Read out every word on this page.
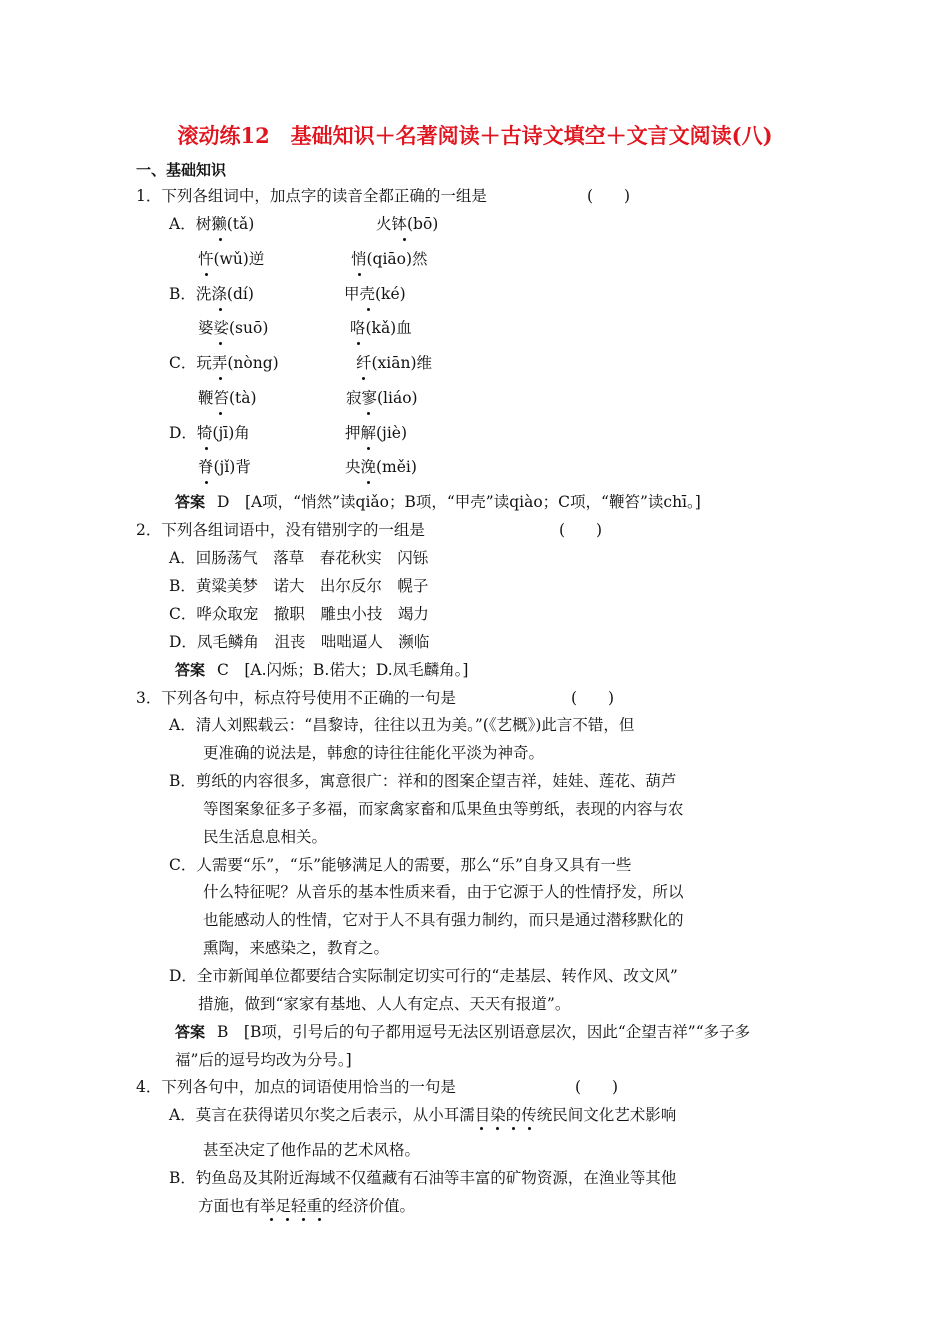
滚动练12　基础知识＋名著阅读＋古诗文填空＋文言文阅读(八)
一、基础知识
1．下列各组词中，加点字的读音全都正确的一组是	(　　)
A．树獭(tǎ)	火钵(bō)
忤(wǔ)逆	悄(qiāo)然
B．洗涤(dí)	甲壳(ké)
婆娑(suō)	咯(kǎ)血
C．玩弄(nòng)	纤(xiān)维
鞭笞(tà)	寂寥(liáo)
D．犄(jī)角	押解(jiè)
脊(jǐ)背	央浼(měi)
答案 D　[A项，“悄然”读qiǎo；B项，“甲壳”读qiào；C项，“鞭笞”读chī。]
2．下列各组词语中，没有错别字的一组是	(　　)
A．回肠荡气　落草　春花秋实　闪铄
B．黄粱美梦　诺大　出尔反尔　幌子
C．哗众取宠　撤职　雕虫小技　竭力
D．凤毛鳞角　沮丧　咄咄逼人　濒临
答案 C　[A.闪烁；B.偌大；D.凤毛麟角。]
3．下列各句中，标点符号使用不正确的一句是	(　　)
A．清人刘熙载云：“昌黎诗，往往以丑为美。”(《艺概》)此言不错，但
更准确的说法是，韩愈的诗往往能化平淡为神奇。
B．剪纸的内容很多，寓意很广：祥和的图案企望吉祥，娃娃、莲花、葫芦
等图案象征多子多福，而家禽家畜和瓜果鱼虫等剪纸，表现的内容与农
民生活息息相关。
C．人需要“乐”，“乐”能够满足人的需要，那么“乐”自身又具有一些
什么特征呢？从音乐的基本性质来看，由于它源于人的性情抒发，所以
也能感动人的性情，它对于人不具有强力制约，而只是通过潜移默化的
熏陶，来感染之，教育之。
D．全市新闻单位都要结合实际制定切实可行的“走基层、转作风、改文风”
措施，做到“家家有基地、人人有定点、天天有报道”。
答案 B　[B项，引号后的句子都用逗号无法区别语意层次，因此“企望吉祥”“多子多
福”后的逗号均改为分号。]
4．下列各句中，加点的词语使用恰当的一句是	(　　)
A．莫言在获得诺贝尔奖之后表示，从小耳濡目染的传统民间文化艺术影响
甚至决定了他作品的艺术风格。
B．钓鱼岛及其附近海域不仅蕴藏有石油等丰富的矿物资源，在渔业等其他
方面也有举足轻重的经济价值。
